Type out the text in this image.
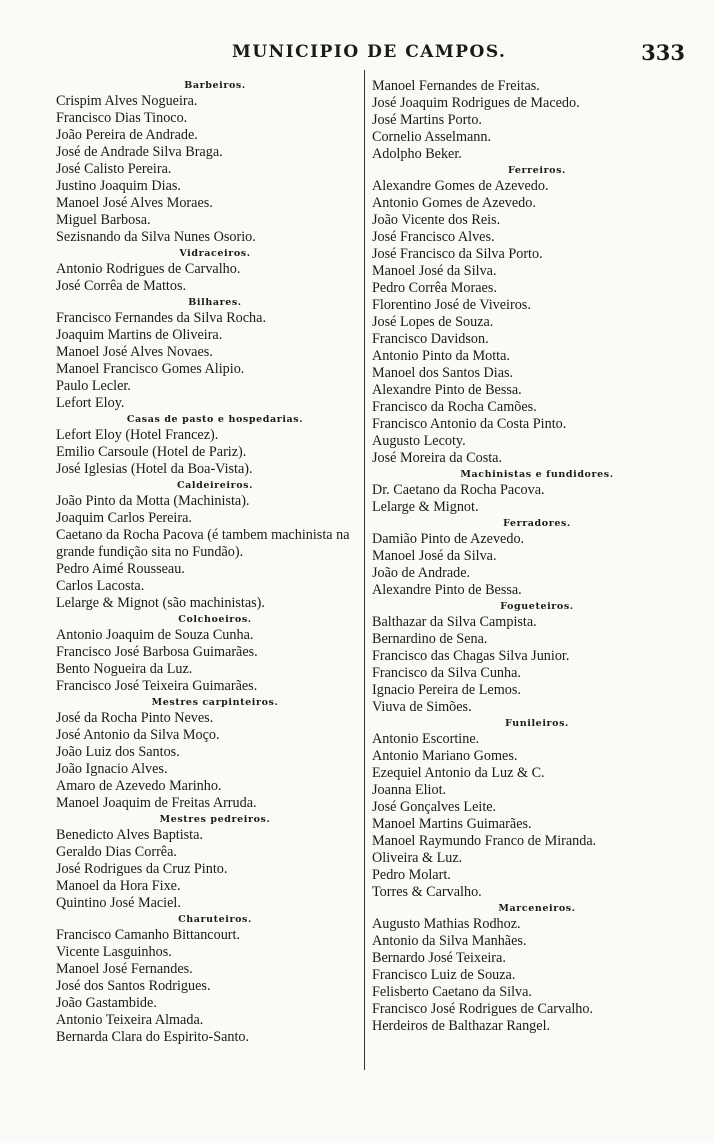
MUNICIPIO DE CAMPOS.	333
Barbeiros.
Crispim Alves Nogueira.
Francisco Dias Tinoco.
João Pereira de Andrade.
José de Andrade Silva Braga.
José Calisto Pereira.
Justino Joaquim Dias.
Manoel José Alves Moraes.
Miguel Barbosa.
Sezisnando da Silva Nunes Osorio.
Vidraceiros.
Antonio Rodrigues de Carvalho.
José Corrêa de Mattos.
Bilhares.
Francisco Fernandes da Silva Rocha.
Joaquim Martins de Oliveira.
Manoel José Alves Novaes.
Manoel Francisco Gomes Alipio.
Paulo Lecler.
Lefort Eloy.
Casas de pasto e hospedarias.
Lefort Eloy (Hotel Francez).
Emilio Carsoule (Hotel de Pariz).
José Iglesias (Hotel da Boa-Vista).
Caldeireiros.
João Pinto da Motta (Machinista).
Joaquim Carlos Pereira.
Caetano da Rocha Pacova (é tambem machinista na grande fundição sita no Fundão).
Pedro Aimé Rousseau.
Carlos Lacosta.
Lelarge & Mignot (são machinistas).
Colchoeiros.
Antonio Joaquim de Souza Cunha.
Francisco José Barbosa Guimarães.
Bento Nogueira da Luz.
Francisco José Teixeira Guimarães.
Mestres carpinteiros.
José da Rocha Pinto Neves.
José Antonio da Silva Moço.
João Luiz dos Santos.
João Ignacio Alves.
Amaro de Azevedo Marinho.
Manoel Joaquim de Freitas Arruda.
Mestres pedreiros.
Benedicto Alves Baptista.
Geraldo Dias Corrêa.
José Rodrigues da Cruz Pinto.
Manoel da Hora Fixe.
Quintino José Maciel.
Charuteiros.
Francisco Camanho Bittancourt.
Vicente Lasguinhos.
Manoel José Fernandes.
José dos Santos Rodrigues.
João Gastambide.
Antonio Teixeira Almada.
Bernarda Clara do Espirito-Santo.
Manoel Fernandes de Freitas.
José Joaquim Rodrigues de Macedo.
José Martins Porto.
Cornelio Asselmann.
Adolpho Beker.
Ferreiros.
Alexandre Gomes de Azevedo.
Antonio Gomes de Azevedo.
João Vicente dos Reis.
José Francisco Alves.
José Francisco da Silva Porto.
Manoel José da Silva.
Pedro Corrêa Moraes.
Florentino José de Viveiros.
José Lopes de Souza.
Francisco Davidson.
Antonio Pinto da Motta.
Manoel dos Santos Dias.
Alexandre Pinto de Bessa.
Francisco da Rocha Camões.
Francisco Antonio da Costa Pinto.
Augusto Lecoty.
José Moreira da Costa.
Machinistas e fundidores.
Dr. Caetano da Rocha Pacova.
Lelarge & Mignot.
Ferradores.
Damião Pinto de Azevedo.
Manoel José da Silva.
João de Andrade.
Alexandre Pinto de Bessa.
Fogueteiros.
Balthazar da Silva Campista.
Bernardino de Sena.
Francisco das Chagas Silva Junior.
Francisco da Silva Cunha.
Ignacio Pereira de Lemos.
Viuva de Simões.
Funileiros.
Antonio Escortine.
Antonio Mariano Gomes.
Ezequiel Antonio da Luz & C.
Joanna Eliot.
José Gonçalves Leite.
Manoel Martins Guimarães.
Manoel Raymundo Franco de Miranda.
Oliveira & Luz.
Pedro Molart.
Torres & Carvalho.
Marceneiros.
Augusto Mathias Rodhoz.
Antonio da Silva Manhães.
Bernardo José Teixeira.
Francisco Luiz de Souza.
Felisberto Caetano da Silva.
Francisco José Rodrigues de Carvalho.
Herdeiros de Balthazar Rangel.
